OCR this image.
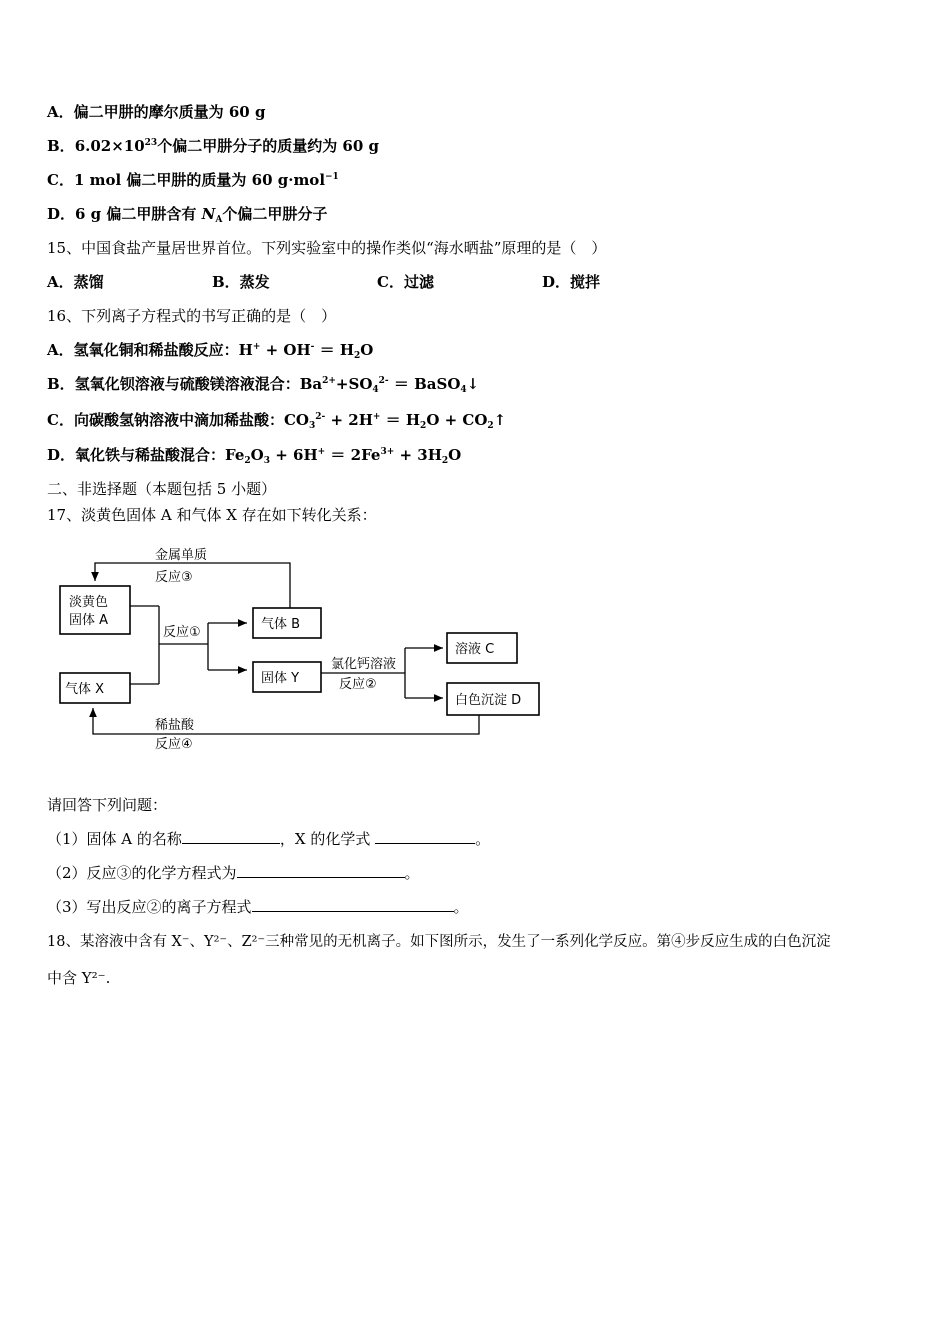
A．偏二甲肼的摩尔质量为 60 g
B．$6.02\times 10^{23}$个偏二甲肼分子的质量约为 60 g
C．1 mol 偏二甲肼的质量为 60 g·mol$^{-1}$
D．6 g 偏二甲肼含有 $N_A$个偏二甲肼分子
15、中国食盐产量居世界首位。下列实验室中的操作类似“海水晒盐”原理的是（　）
A．蒸馏	B．蒸发	C．过滤	D．搅拌
16、下列离子方程式的书写正确的是（　）
A．氢氧化铜和稀盐酸反应：$H^+ + OH^- = H_2O$
B．氢氧化钡溶液与硫酸镁溶液混合：$Ba^{2+}+SO_4^{2-}$ ＝ BaSO$_4$↓
C．向碳酸氢钠溶液中滴加稀盐酸：$CO_3^{2-} + 2H^+ = H_2O$ + $CO_2↑$
D．氧化铁与稀盐酸混合：$Fe_2O_3 + 6H^+ = 2Fe^{3+} + 3H_2O$
二、非选择题（本题包括 5 小题）
17、淡黄色固体 A 和气体 X 存在如下转化关系：
淡黄色
固体 A
气体 X
气体 B
固体 Y
溶液 C
白色沉淀 D
反应①
金属单质
反应③
氯化钙溶液
反应②
稀盐酸
反应④
请回答下列问题：
（1）固体 A 的名称	，X 的化学式	。
（2）反应③的化学方程式为	。
（3）写出反应②的离子方程式	。
18、某溶液中含有 X⁻、Y²⁻、Z²⁻三种常见的无机离子。如下图所示，发生了一系列化学反应。第④步反应生成的白色沉淀
中含 Y²⁻.
